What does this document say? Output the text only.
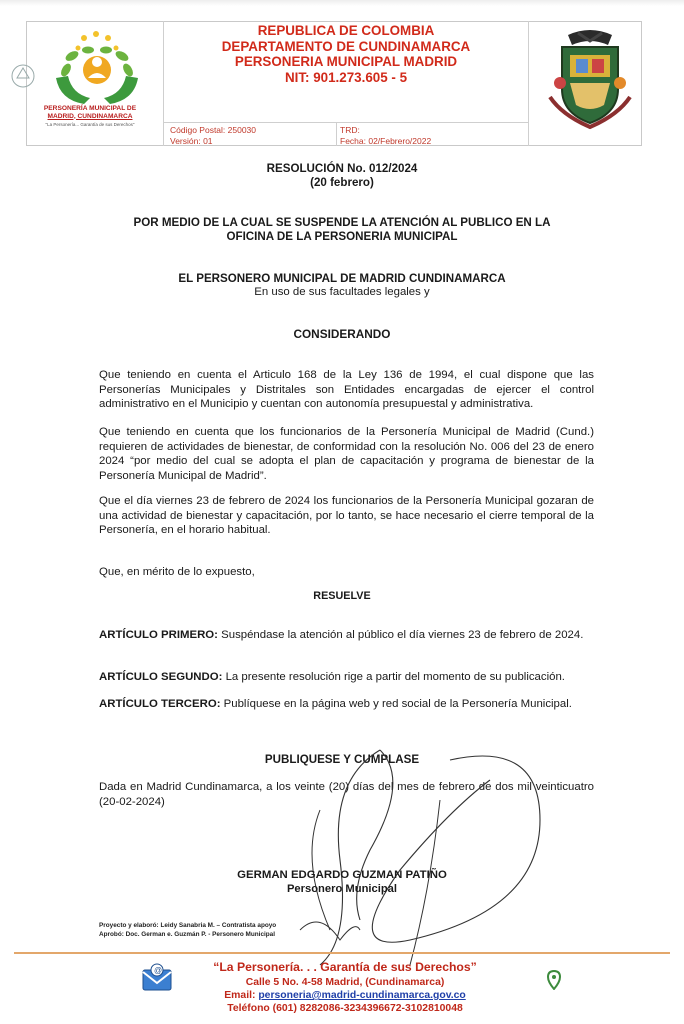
PERSONERÍA MUNICIPAL DE
MADRID, CUNDINAMARCA
"La Personería... Garantía de sus Derechos"
REPUBLICA DE COLOMBIA
DEPARTAMENTO DE CUNDINAMARCA
PERSONERIA MUNICIPAL MADRID
NIT: 901.273.605 - 5
Código Postal: 250030
Versión: 01
TRD:
Fecha: 02/Febrero/2022
RESOLUCIÓN No. 012/2024
(20 febrero)
POR MEDIO DE LA CUAL SE SUSPENDE LA ATENCIÓN AL PUBLICO EN LA
OFICINA DE LA PERSONERIA MUNICIPAL
EL PERSONERO MUNICIPAL DE MADRID CUNDINAMARCA
En uso de sus facultades legales y
CONSIDERANDO
Que teniendo en cuenta el Articulo 168 de la Ley 136 de 1994, el cual dispone que las Personerías Municipales y Distritales son Entidades encargadas de ejercer el control administrativo en el Municipio y cuentan con autonomía presupuestal y administrativa.
Que teniendo en cuenta que los funcionarios de la Personería Municipal de Madrid (Cund.) requieren de actividades de bienestar, de conformidad con la resolución No. 006 del 23 de enero 2024 “por medio del cual se adopta el plan de capacitación y programa de bienestar de la Personería Municipal de Madrid”.
Que el día viernes 23 de febrero de 2024 los funcionarios de la Personería Municipal gozaran de una actividad de bienestar y capacitación, por lo tanto, se hace necesario el cierre temporal de la Personería, en el horario habitual.
Que, en mérito de lo expuesto,
RESUELVE
ARTÍCULO PRIMERO: Suspéndase la atención al público el día viernes 23 de febrero de 2024.
ARTÍCULO SEGUNDO: La presente resolución rige a partir del momento de su publicación.
ARTÍCULO TERCERO: Publíquese en la página web y red social de la Personería Municipal.
PUBLIQUESE Y CUMPLASE
Dada en Madrid Cundinamarca, a los veinte (20) días del mes de febrero de dos mil veinticuatro (20-02-2024)
GERMAN EDGARDO GUZMAN PATIÑO
Personero Municipal
Proyecto y elaboró: Leidy Sanabria M. – Contratista apoyo
Aprobó: Doc. German e. Guzmán P. - Personero Municipal
@	“La Personería. . . Garantía de sus Derechos”
Calle 5 No. 4-58 Madrid, (Cundinamarca)
Email: personeria@madrid-cundinamarca.gov.co
Teléfono (601) 8282086-3234396672-3102810048
